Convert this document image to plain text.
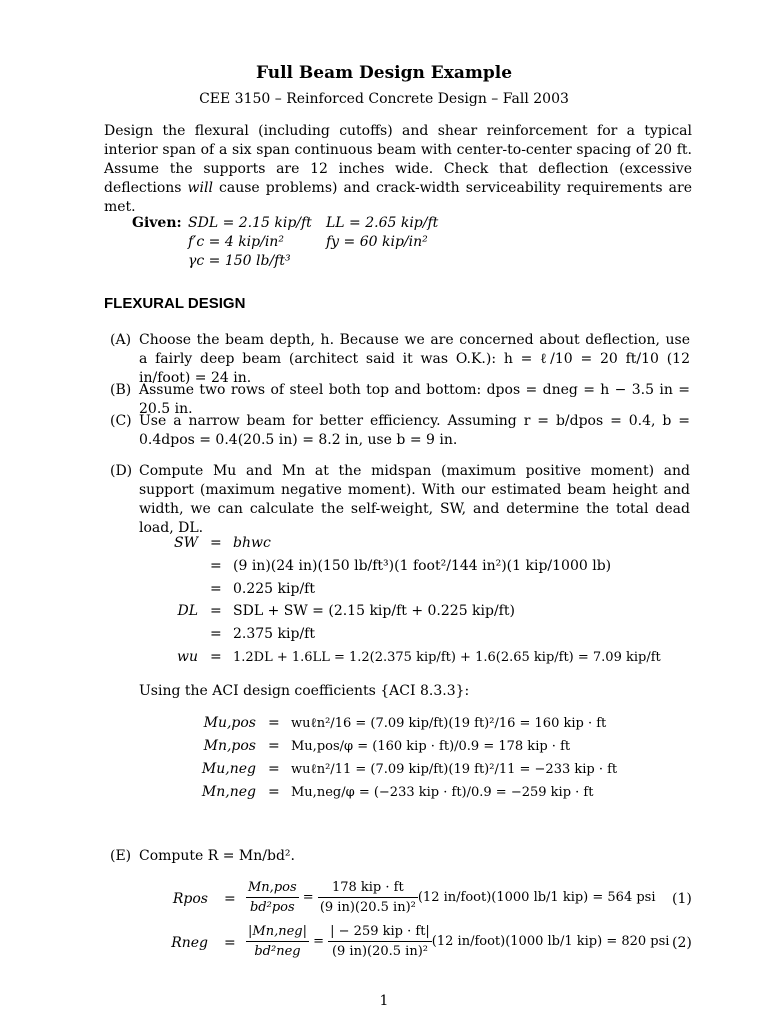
Full Beam Design Example
CEE 3150 – Reinforced Concrete Design – Fall 2003
Design the flexural (including cutoffs) and shear reinforcement for a typical interior span of a six span continuous beam with center-to-center spacing of 20 ft. Assume the supports are 12 inches wide. Check that deflection (excessive deflections will cause problems) and crack-width serviceability requirements are met.
Given: SDL = 2.15 kip/ft LL = 2.65 kip/ft
f′c = 4 kip/in²	fy = 60 kip/in²
γc = 150 lb/ft³
FLEXURAL DESIGN
(A) Choose the beam depth, h. Because we are concerned about deflection, use a fairly deep beam (architect said it was O.K.): h = ℓ/10 = 20 ft/10 (12 in/foot) = 24 in.
(B) Assume two rows of steel both top and bottom: dpos = dneg = h − 3.5 in = 20.5 in.
(C) Use a narrow beam for better efficiency. Assuming r = b/dpos = 0.4, b = 0.4dpos = 0.4(20.5 in) = 8.2 in, use b = 9 in.
(D) Compute Mu and Mn at the midspan (maximum positive moment) and support (maximum negative moment). With our estimated beam height and width, we can calculate the self-weight, SW, and determine the total dead load, DL.
SW = bhwc
= (9 in)(24 in)(150 lb/ft³)(1 foot²/144 in²)(1 kip/1000 lb)
= 0.225 kip/ft
DL = SDL + SW = (2.15 kip/ft + 0.225 kip/ft)
= 2.375 kip/ft
wu = 1.2DL + 1.6LL = 1.2(2.375 kip/ft) + 1.6(2.65 kip/ft) = 7.09 kip/ft
Using the ACI design coefficients {ACI 8.3.3}:
Mu,pos = wuℓn²/16 = (7.09 kip/ft)(19 ft)²/16 = 160 kip · ft
Mn,pos = Mu,pos/φ = (160 kip · ft)/0.9 = 178 kip · ft
Mu,neg = wuℓn²/11 = (7.09 kip/ft)(19 ft)²/11 = −233 kip · ft
Mn,neg = Mu,neg/φ = (−233 kip · ft)/0.9 = −259 kip · ft
(E) Compute R = Mn/bd².
Rpos = $\frac{\text{Mn,pos}}{\text{bd²pos}} = \frac{\text{178 kip · ft}}{\text{(9 in)(20.5 in)²}} (12$ in/foot)(1000 lb/1 kip) = 564 psi (1)
Rneg = $\frac{\text{|Mn,neg|}}{\text{bd²neg}} = \frac{\text{| − 259 kip · ft|}}{\text{(9 in)(20.5 in)²}} (12$ in/foot)(1000 lb/1 kip) = 820 psi (2)
1
